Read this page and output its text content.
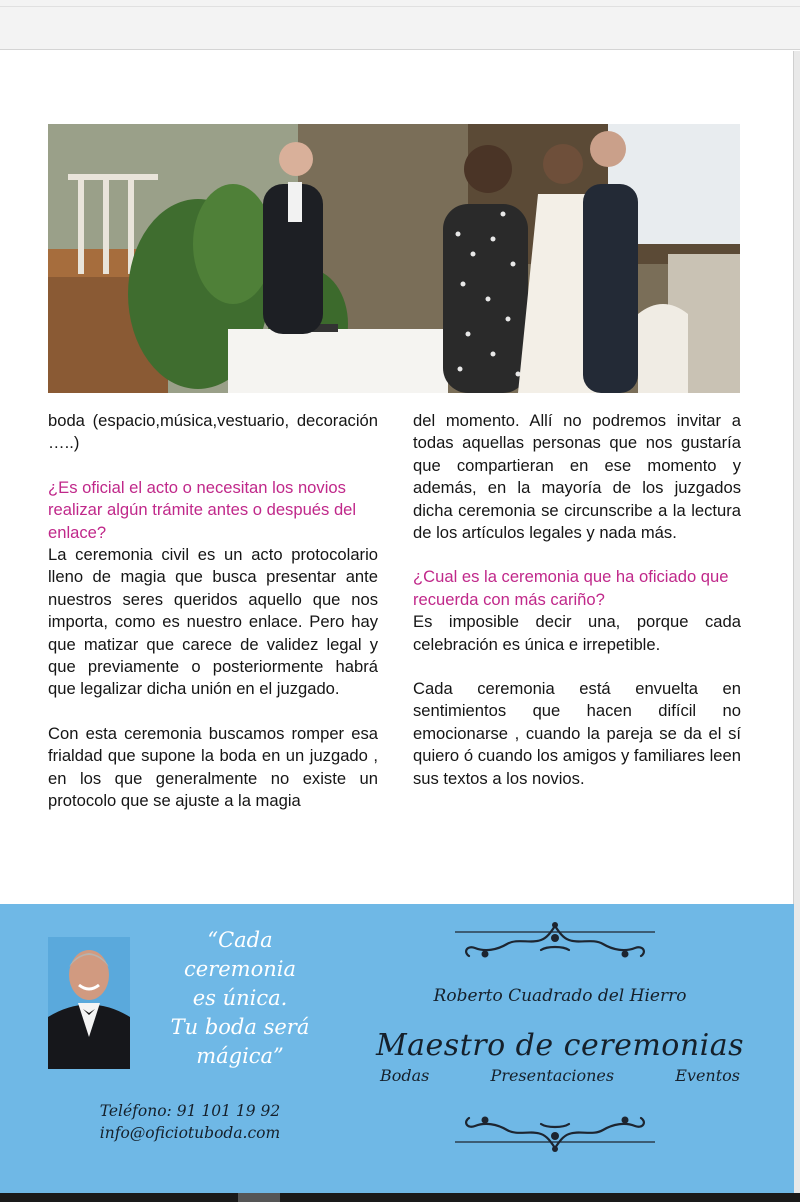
boda (espacio,música,vestuario, decoración …..)

¿Es oficial el acto o necesitan los novios realizar algún trámite antes o después del enlace?

La ceremonia civil es un acto protocolario lleno de magia que busca presentar ante nuestros seres queridos aquello que nos importa, como es nuestro enlace. Pero hay que matizar que carece de validez legal y que previamente o posteriormente habrá que legalizar dicha unión en el juzgado.

Con esta ceremonia buscamos romper esa frialdad que supone la boda en un juzgado , en los que generalmente no existe un protocolo que se ajuste a la magia

del momento. Allí no podremos invitar a todas aquellas personas que nos gustaría que compartieran en ese momento y además, en la mayoría de los juzgados dicha ceremonia se circunscribe a la lectura de los artículos legales y nada más.

¿Cual es la ceremonia que ha oficiado que recuerda con más cariño?

Es imposible decir una, porque cada celebración es única e irrepetible.

Cada ceremonia está envuelta en sentimientos que hacen difícil no emocionarse , cuando la pareja se da el sí quiero ó cuando los amigos y familiares leen sus textos a los novios.

“Cada
ceremonia
es única.
Tu boda será
mágica”
Teléfono: 91 101 19 92
info@oficiotuboda.com
Roberto Cuadrado del Hierro
Maestro de ceremonias
Bodas	Presentaciones	Eventos
